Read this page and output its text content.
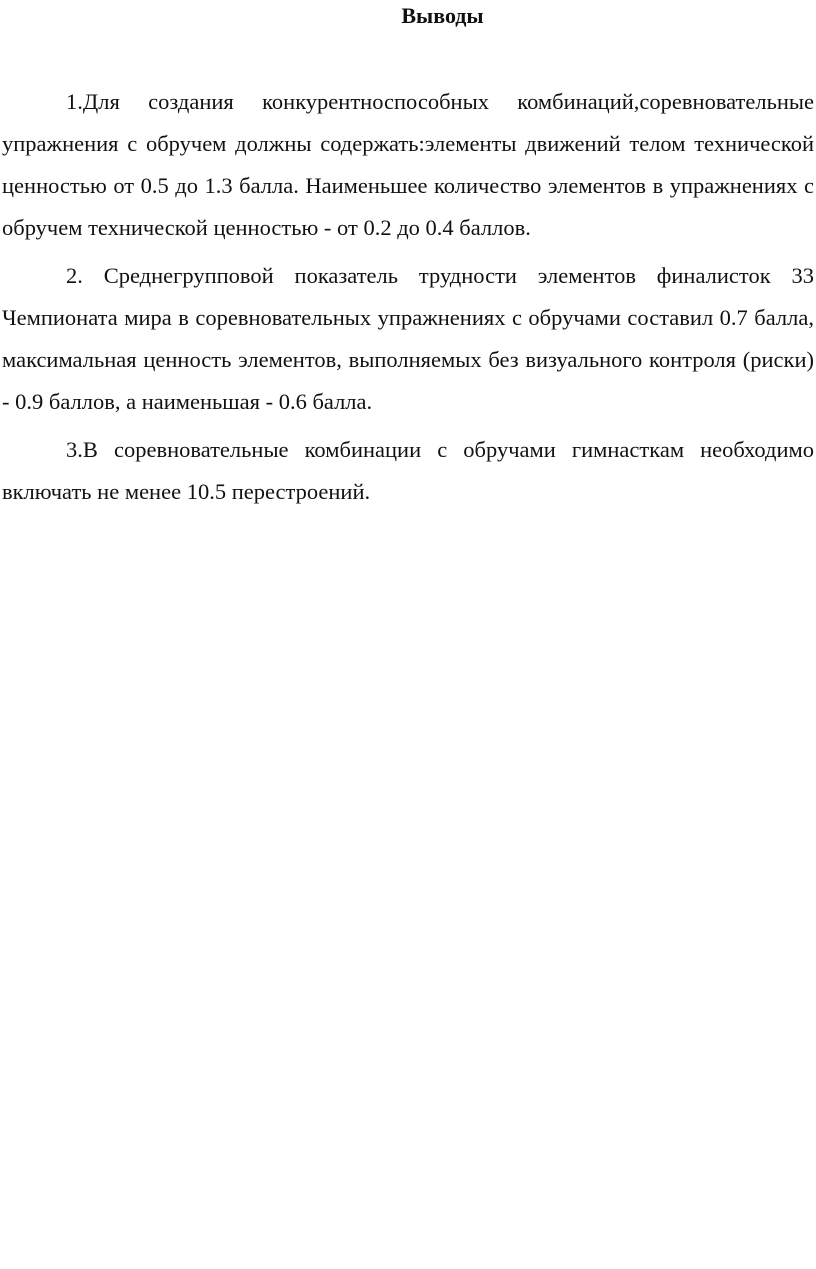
Выводы

1.Для создания конкурентноспособных комбинаций,соревновательные упражнения с обручем должны содержать:элементы движений телом технической ценностью от 0.5 до 1.3 балла. Наименьшее количество элементов в упражнениях с обручем технической ценностью - от 0.2 до 0.4 баллов.

2. Среднегрупповой показатель трудности элементов финалисток 33 Чемпионата мира в соревновательных упражнениях с обручами составил 0.7 балла, максимальная ценность элементов, выполняемых без визуального контроля (риски) - 0.9 баллов, а наименьшая - 0.6 балла.

3.В соревновательные комбинации с обручами гимнасткам необходимо включать не менее 10.5 перестроений.
